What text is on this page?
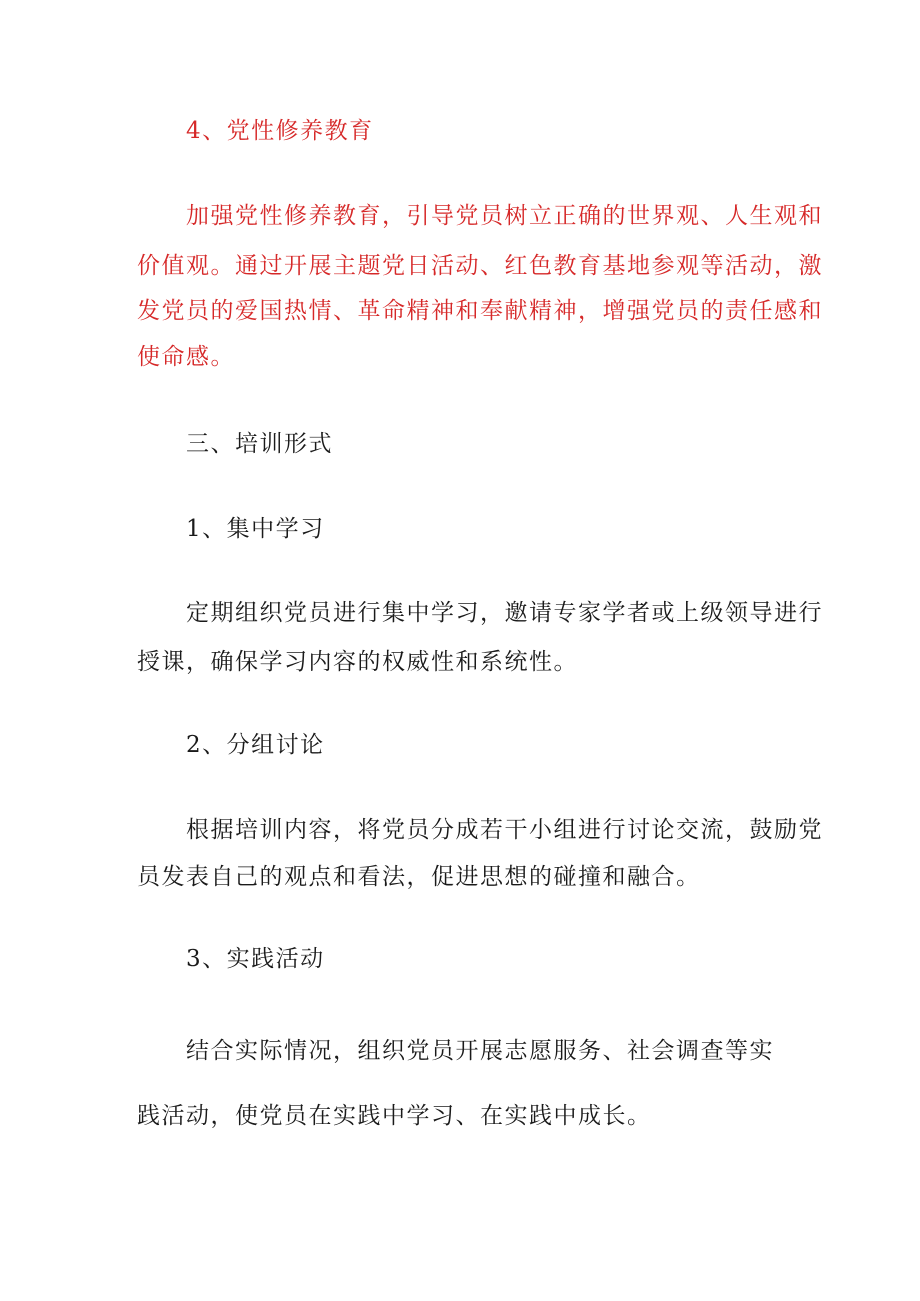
4、党性修养教育
加强党性修养教育，引导党员树立正确的世界观、人生观和
价值观。通过开展主题党日活动、红色教育基地参观等活动，激
发党员的爱国热情、革命精神和奉献精神，增强党员的责任感和
使命感。
三、培训形式
1、集中学习
定期组织党员进行集中学习，邀请专家学者或上级领导进行
授课，确保学习内容的权威性和系统性。
2、分组讨论
根据培训内容，将党员分成若干小组进行讨论交流，鼓励党
员发表自己的观点和看法，促进思想的碰撞和融合。
3、实践活动
结合实际情况，组织党员开展志愿服务、社会调查等实
践活动，使党员在实践中学习、在实践中成长。
